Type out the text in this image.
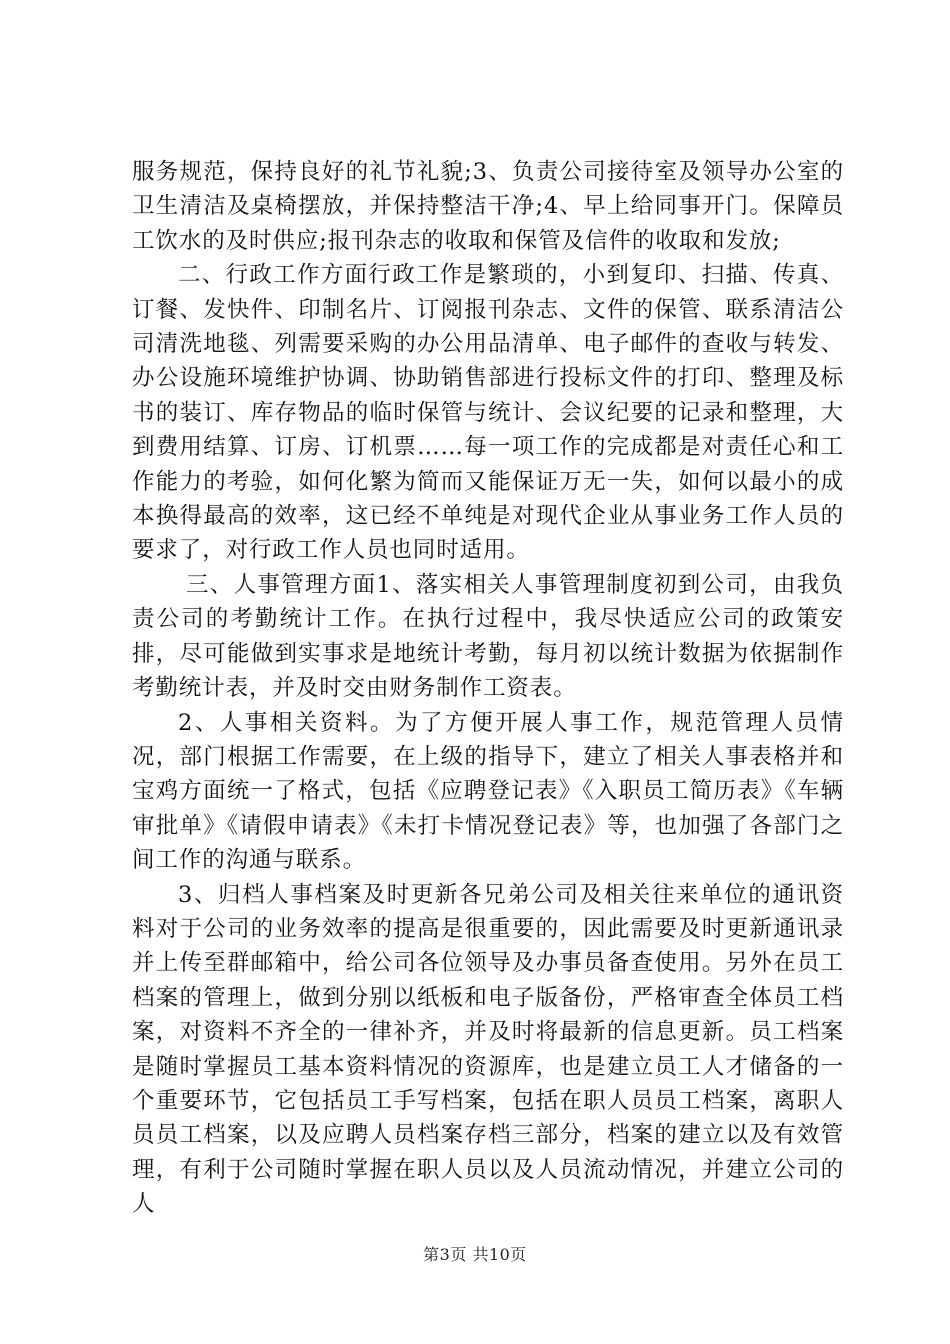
服务规范，保持良好的礼节礼貌;3、负责公司接待室及领导办公室的卫生清洁及桌椅摆放，并保持整洁干净;4、早上给同事开门。保障员工饮水的及时供应;报刊杂志的收取和保管及信件的收取和发放;

二、行政工作方面行政工作是繁琐的，小到复印、扫描、传真、订餐、发快件、印制名片、订阅报刊杂志、文件的保管、联系清洁公司清洗地毯、列需要采购的办公用品清单、电子邮件的查收与转发、办公设施环境维护协调、协助销售部进行投标文件的打印、整理及标书的装订、库存物品的临时保管与统计、会议纪要的记录和整理，大到费用结算、订房、订机票……每一项工作的完成都是对责任心和工作能力的考验，如何化繁为简而又能保证万无一失，如何以最小的成本换得最高的效率，这已经不单纯是对现代企业从事业务工作人员的要求了，对行政工作人员也同时适用。

三、人事管理方面1、落实相关人事管理制度初到公司，由我负责公司的考勤统计工作。在执行过程中，我尽快适应公司的政策安排，尽可能做到实事求是地统计考勤，每月初以统计数据为依据制作考勤统计表，并及时交由财务制作工资表。

2、人事相关资料。为了方便开展人事工作，规范管理人员情况，部门根据工作需要，在上级的指导下，建立了相关人事表格并和宝鸡方面统一了格式，包括《应聘登记表》《入职员工简历表》《车辆审批单》《请假申请表》《未打卡情况登记表》等，也加强了各部门之间工作的沟通与联系。

3、归档人事档案及时更新各兄弟公司及相关往来单位的通讯资料对于公司的业务效率的提高是很重要的，因此需要及时更新通讯录并上传至群邮箱中，给公司各位领导及办事员备查使用。另外在员工档案的管理上，做到分别以纸板和电子版备份，严格审查全体员工档案，对资料不齐全的一律补齐，并及时将最新的信息更新。员工档案是随时掌握员工基本资料情况的资源库，也是建立员工人才储备的一个重要环节，它包括员工手写档案，包括在职人员员工档案，离职人员员工档案，以及应聘人员档案存档三部分，档案的建立以及有效管理，有利于公司随时掌握在职人员以及人员流动情况，并建立公司的人

第3页 共10页
